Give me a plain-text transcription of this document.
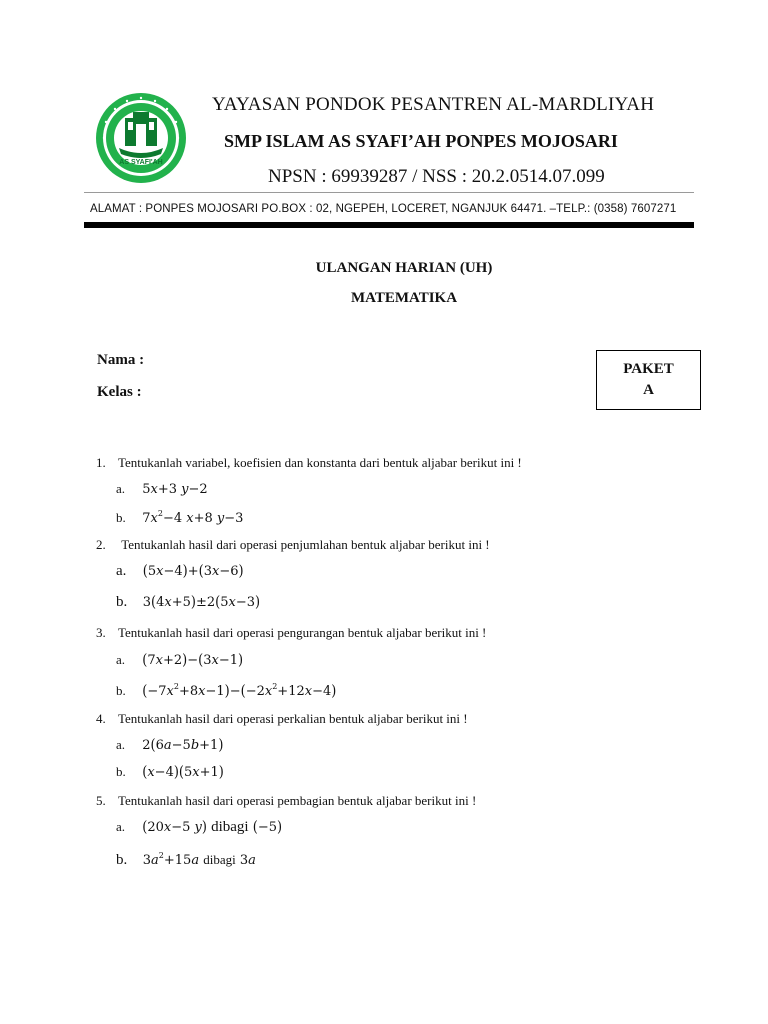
AS SYAFI'AH
YAYASAN PONDOK PESANTREN AL-MARDLIYAH
SMP ISLAM AS SYAFI’AH PONPES MOJOSARI
NPSN : 69939287 / NSS : 20.2.0514.07.099
ALAMAT : PONPES MOJOSARI PO.BOX : 02, NGEPEH, LOCERET, NGANJUK 64471. –TELP.: (0358) 7607271
ULANGAN HARIAN (UH)
MATEMATIKA
Nama :
Kelas :
PAKET
A
1. Tentukanlah variabel, koefisien dan konstanta dari bentuk aljabar berikut ini !
a. 5x+3 y−2
b. $7x^2-4$ x+8 y−3
2. Tentukanlah hasil dari operasi penjumlahan bentuk aljabar berikut ini !
a. (5x−4)+(3x−6)
b. 3(4x+5)±2(5x−3)
3. Tentukanlah hasil dari operasi pengurangan bentuk aljabar berikut ini !
a. (7x+2)−(3x−1)
b. $(-7x^2+8x-1)-(-2x^2+12x-4)$
4. Tentukanlah hasil dari operasi perkalian bentuk aljabar berikut ini !
a. 2(6a−5b+1)
b. (x−4)(5x+1)
5. Tentukanlah hasil dari operasi pembagian bentuk aljabar berikut ini !
a. (20x−5 y) dibagi (−5)
b. $3a^2+15a$ dibagi 3a
